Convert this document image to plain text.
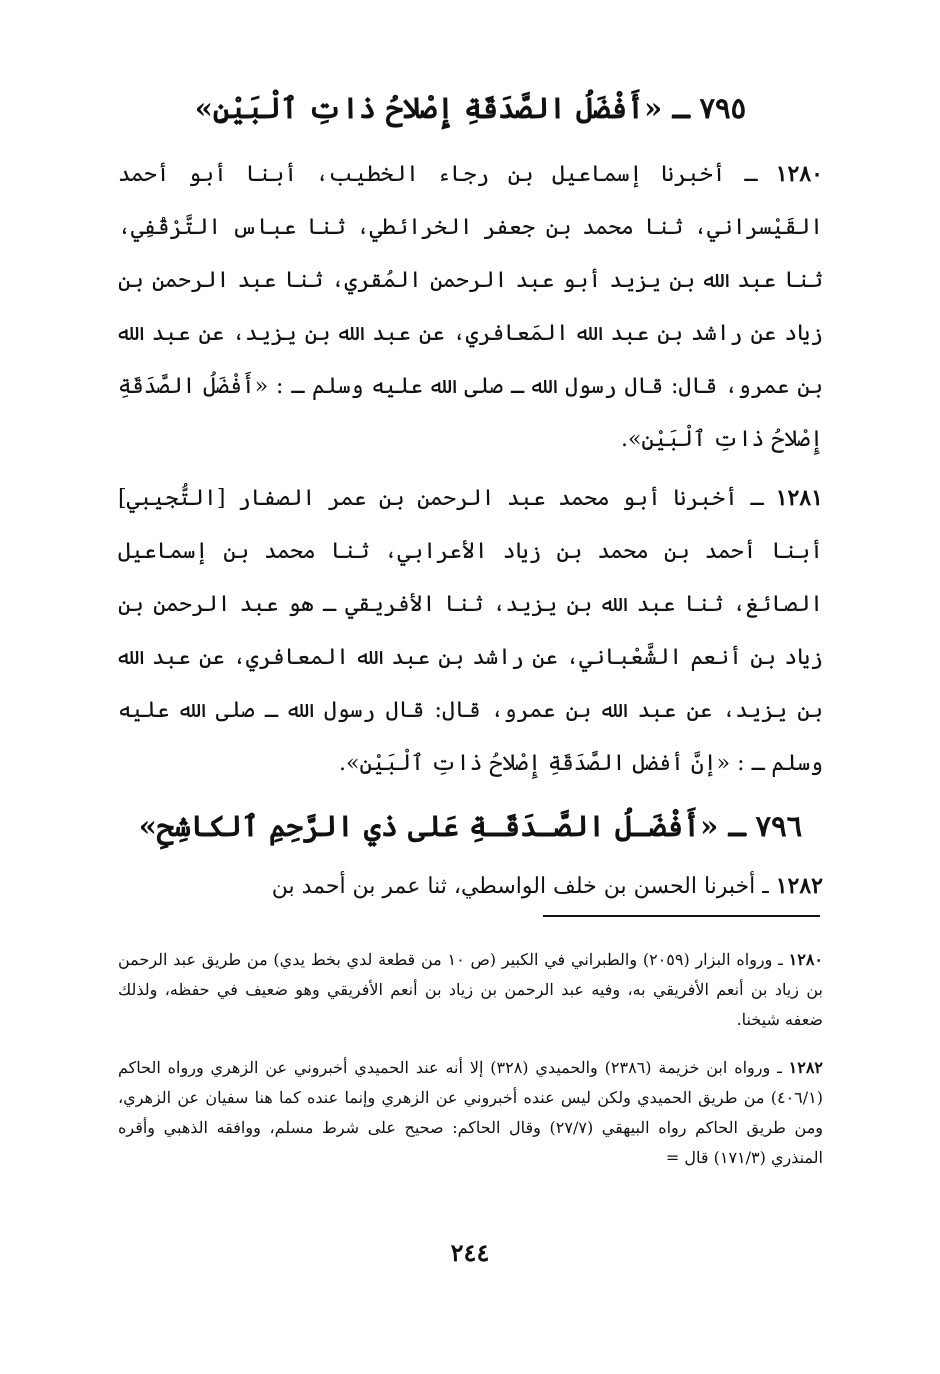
٧٩٥ ـ «أَفْضَلُ الصَّدَقَةِ إِصْلاحُ ذاتِ ٱلْبَيْنِ»

١٢٨٠ ـ أخبرنا إسماعيل بن رجاء الخطيب، أبنا أبو أحمد القَيْسراني، ثنا محمد بن جعفر الخرائطي، ثنا عباس التَّرْقُفِي، ثنا عبد الله بن يزيد أبو عبد الرحمن المُقري، ثنا عبد الرحمن بن زياد عن راشد بن عبد الله المَعافري، عن عبد الله بن يزيد، عن عبد الله بن عمرو، قال: قال رسول الله ـ صلى الله عليه وسلم ـ : «أَفْضَلُ الصَّدَقَةِ إِصْلاحُ ذاتِ ٱلْبَيْنِ».

١٢٨١ ـ أخبرنا أبو محمد عبد الرحمن بن عمر الصفار [التُّجيبي] أبنا أحمد بن محمد بن زياد الأعرابي، ثنا محمد بن إسماعيل الصائغ، ثنا عبد الله بن يزيد، ثنا الأفريقي ـ هو عبد الرحمن بن زياد بن أنعم الشَّعْباني، عن راشد بن عبد الله المعافري، عن عبد الله بن يزيد، عن عبد الله بن عمرو، قال: قال رسول الله ـ صلى الله عليه وسلم ـ : «إنَّ أفضل الصَّدَقَةِ إِصْلاحُ ذاتِ ٱلْبَيْنِ».

٧٩٦ ـ «أَفْضَـلُ الصَّـدَقَـةِ عَلى ذي الرَّحِمِ ٱلكاشِحِ»

١٢٨٢ ـ أخبرنا الحسن بن خلف الواسطي، ثنا عمر بن أحمد بن

١٢٨٠ ـ ورواه البزار (٢٠٥٩) والطبراني في الكبير (ص ١٠ من قطعة لدي بخط يدي) من طريق عبد الرحمن بن زياد بن أنعم الأفريقي به، وفيه عبد الرحمن بن زياد بن أنعم الأفريقي وهو ضعيف في حفظه، ولذلك ضعفه شيخنا.

١٢٨٢ ـ ورواه ابن خزيمة (٢٣٨٦) والحميدي (٣٢٨) إلا أنه عند الحميدي أخبروني عن الزهري ورواه الحاكم (٤٠٦/١) من طريق الحميدي ولكن ليس عنده أخبروني عن الزهري وإنما عنده كما هنا سفيان عن الزهري، ومن طريق الحاكم رواه البيهقي (٢٧/٧) وقال الحاكم: صحيح على شرط مسلم، ووافقه الذهبي وأقره المنذري (١٧١/٣) قال =

٢٤٤
